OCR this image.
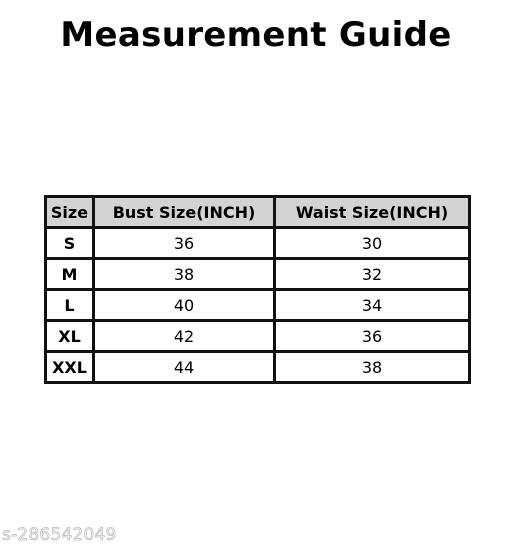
Measurement Guide
Size	Bust Size(INCH)	Waist Size(INCH)
S	36	30
M	38	32
L	40	34
XL	42	36
XXL	44	38
s-286542049
